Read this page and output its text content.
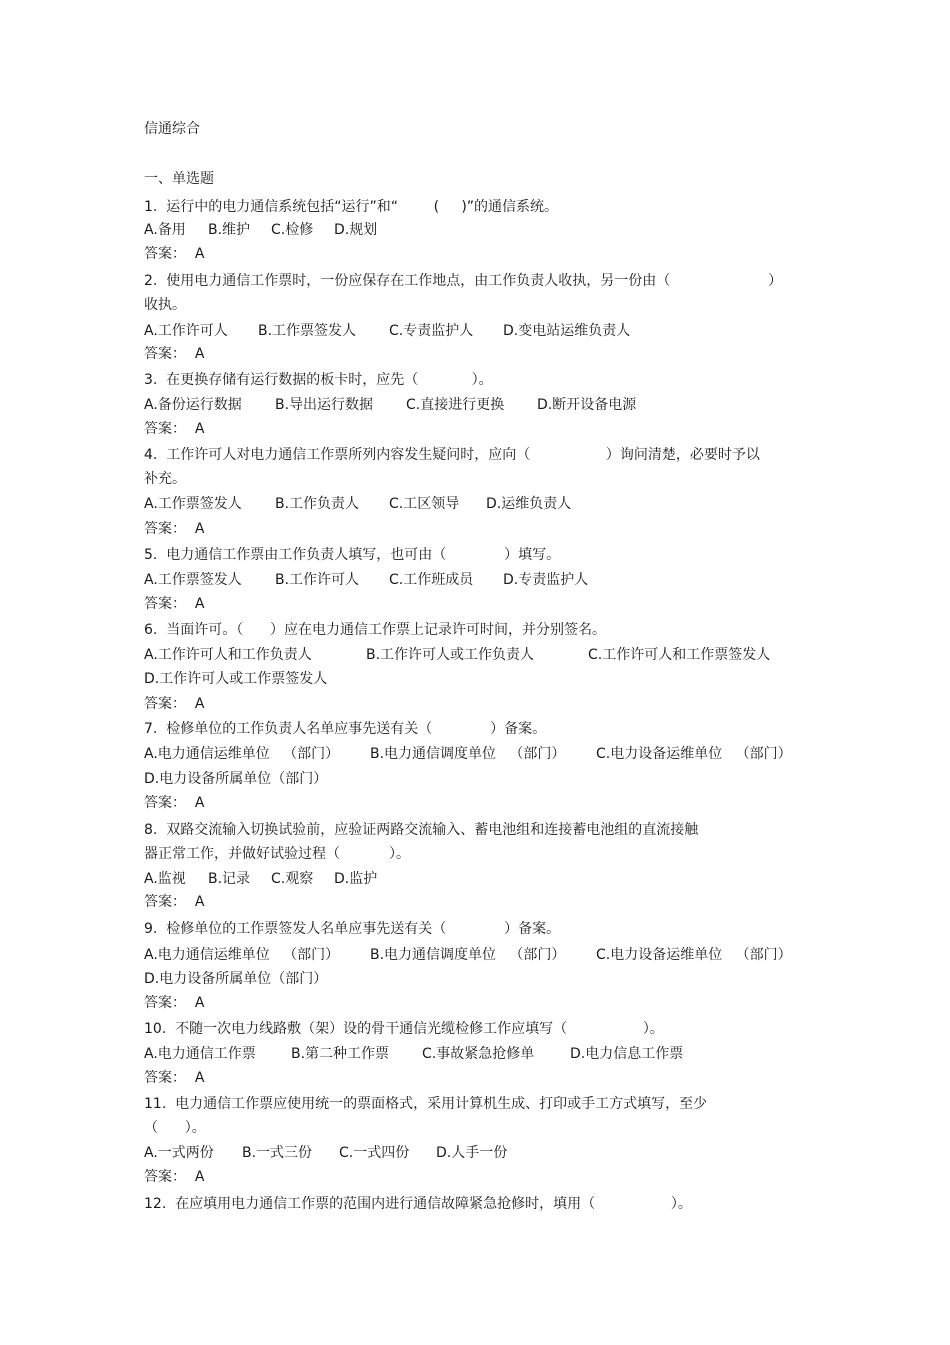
信通综合
一、单选题
1.  运行中的电力通信系统包括“运行”和“        (     )”的通信系统。
A.备用 B.维护 C.检修 D.规划
答案：  A
2.  使用电力通信工作票时，一份应保存在工作地点，由工作负责人收执，另一份由（                      ）
收执。
A.工作许可人 B.工作票签发人 C.专责监护人 D.变电站运维负责人
答案：  A
3.  在更换存储有运行数据的板卡时，应先（            ）。
A.备份运行数据 B.导出运行数据 C.直接进行更换 D.断开设备电源
答案：  A
4.  工作许可人对电力通信工作票所列内容发生疑问时，应向（                 ）询问清楚，必要时予以
补充。
A.工作票签发人 B.工作负责人 C.工区领导 D.运维负责人
答案：  A
5.  电力通信工作票由工作负责人填写，也可由（             ）填写。
A.工作票签发人 B.工作许可人 C.工作班成员 D.专责监护人
答案：  A
6.  当面许可。（      ）应在电力通信工作票上记录许可时间，并分别签名。
A.工作许可人和工作负责人	B.工作许可人或工作负责人	C.工作许可人和工作票签发人
D.工作许可人或工作票签发人
答案：  A
7.  检修单位的工作负责人名单应事先送有关（             ）备案。
A.电力通信运维单位   （部门） B.电力通信调度单位   （部门） C.电力设备运维单位   （部门）
D.电力设备所属单位（部门）
答案：  A
8.  双路交流输入切换试验前，应验证两路交流输入、蓄电池组和连接蓄电池组的直流接触
器正常工作，并做好试验过程（           ）。
A.监视 B.记录 C.观察 D.监护
答案：  A
9.  检修单位的工作票签发人名单应事先送有关（             ）备案。
A.电力通信运维单位   （部门） B.电力通信调度单位   （部门） C.电力设备运维单位   （部门）
D.电力设备所属单位（部门）
答案：  A
10.  不随一次电力线路敷（架）设的骨干通信光缆检修工作应填写（                 ）。
A.电力通信工作票	B.第二种工作票 C.事故紧急抢修单	D.电力信息工作票
答案：  A
11.  电力通信工作票应使用统一的票面格式，采用计算机生成、打印或手工方式填写，至少
（      ）。
A.一式两份 B.一式三份 C.一式四份 D.人手一份
答案：  A
12.  在应填用电力通信工作票的范围内进行通信故障紧急抢修时，填用（                 ）。
